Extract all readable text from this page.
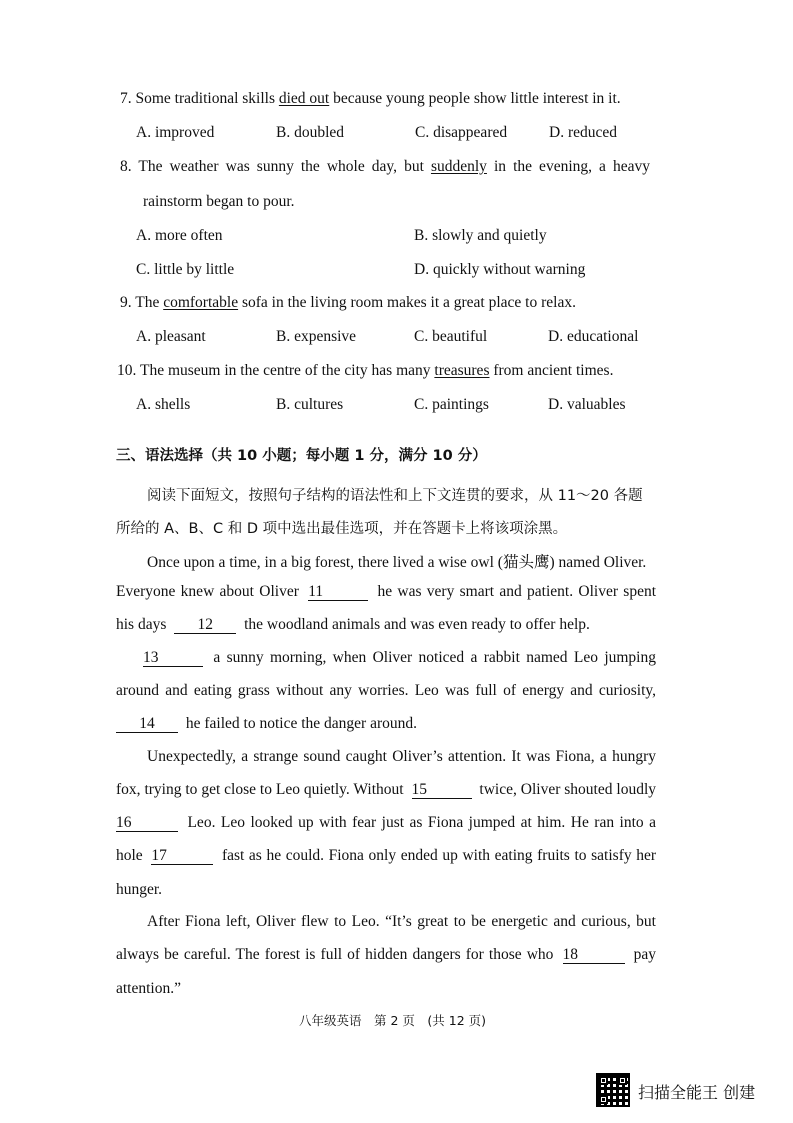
7. Some traditional skills died out because young people show little interest in it.
A. improved	B. doubled	C. disappeared	D. reduced
8. The weather was sunny the whole day, but suddenly in the evening, a heavy
rainstorm began to pour.
A. more often	B. slowly and quietly
C. little by little	D. quickly without warning
9. The comfortable sofa in the living room makes it a great place to relax.
A. pleasant	B. expensive	C. beautiful	D. educational
10. The museum in the centre of the city has many treasures from ancient times.
A. shells	B. cultures	C. paintings	D. valuables
三、语法选择（共 10 小题；每小题 1 分，满分 10 分）
阅读下面短文，按照句子结构的语法性和上下文连贯的要求，从 11～20 各题
所给的 A、B、C 和 D 项中选出最佳选项，并在答题卡上将该项涂黑。
Once upon a time, in a big forest, there lived a wise owl (猫头鹰) named Oliver.
Everyone knew about Oliver 11	he was very smart and patient. Oliver spent
his days 12 the woodland animals and was even ready to offer help.
13	a sunny morning, when Oliver noticed a rabbit named Leo jumping
around and eating grass without any worries. Leo was full of energy and curiosity,
14 he failed to notice the danger around.
Unexpectedly, a strange sound caught Oliver’s attention. It was Fiona, a hungry
fox, trying to get close to Leo quietly. Without 15	twice, Oliver shouted loudly
16	Leo. Leo looked up with fear just as Fiona jumped at him. He ran into a
hole 17	fast as he could. Fiona only ended up with eating fruits to satisfy her
hunger.
After Fiona left, Oliver flew to Leo. “It’s great to be energetic and curious, but
always be careful. The forest is full of hidden dangers for those who 18	pay
attention.”
八年级英语　第 2 页　(共 12 页)
扫描全能王 创建
